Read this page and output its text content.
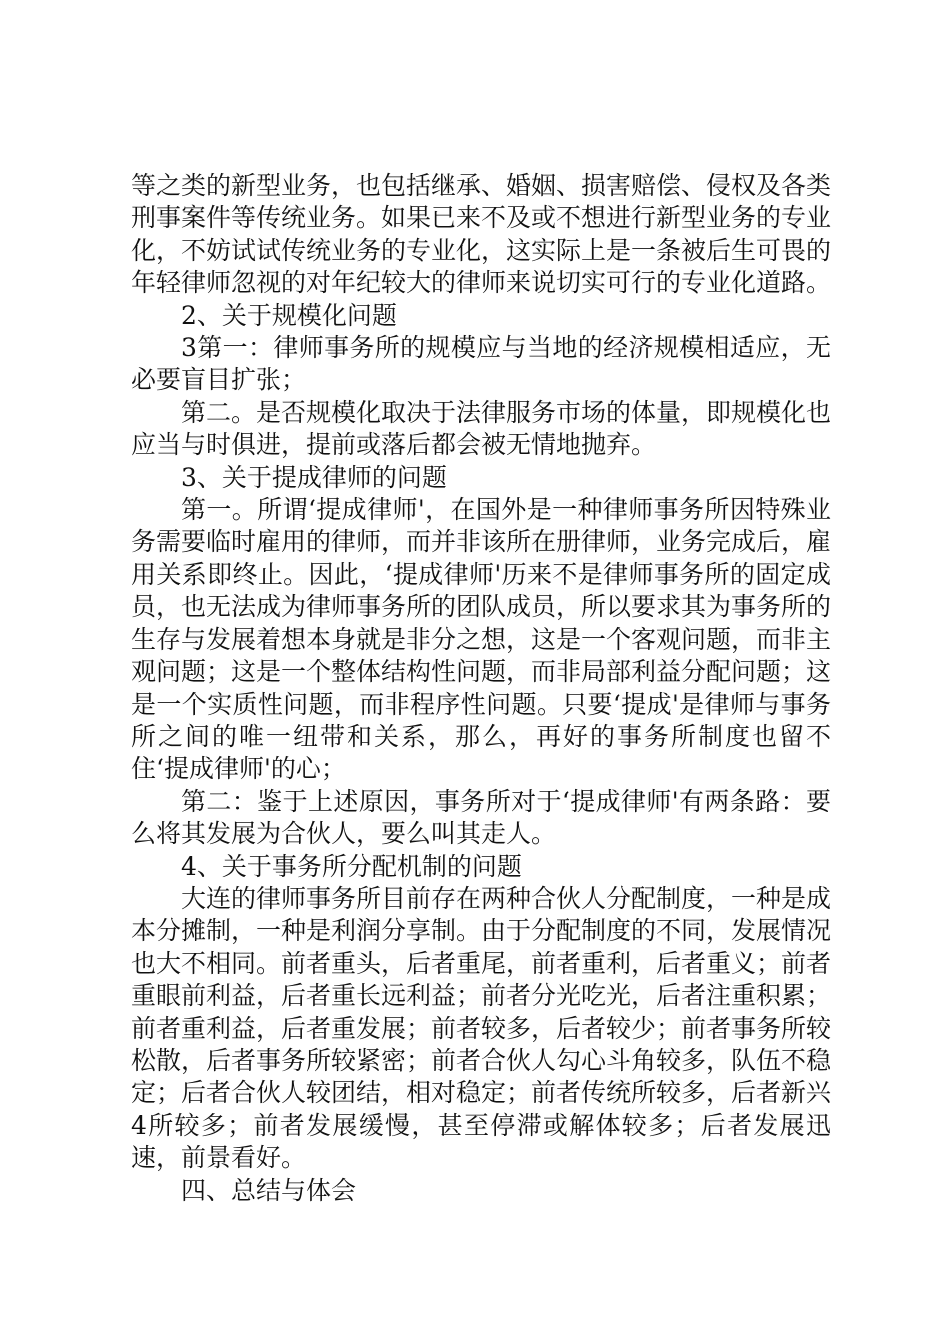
等之类的新型业务，也包括继承、婚姻、损害赔偿、侵权及各类刑事案件等传统业务。如果已来不及或不想进行新型业务的专业化，不妨试试传统业务的专业化，这实际上是一条被后生可畏的年轻律师忽视的对年纪较大的律师来说切实可行的专业化道路。

2、关于规模化问题

3第一：律师事务所的规模应与当地的经济规模相适应，无必要盲目扩张；

第二。是否规模化取决于法律服务市场的体量，即规模化也应当与时俱进，提前或落后都会被无情地抛弃。

3、关于提成律师的问题

第一。所谓‘提成律师'，在国外是一种律师事务所因特殊业务需要临时雇用的律师，而并非该所在册律师，业务完成后，雇用关系即终止。因此，‘提成律师'历来不是律师事务所的固定成员，也无法成为律师事务所的团队成员，所以要求其为事务所的生存与发展着想本身就是非分之想，这是一个客观问题，而非主观问题；这是一个整体结构性问题，而非局部利益分配问题；这是一个实质性问题，而非程序性问题。只要‘提成'是律师与事务所之间的唯一纽带和关系，那么，再好的事务所制度也留不住‘提成律师'的心；

第二：鉴于上述原因，事务所对于‘提成律师'有两条路：要么将其发展为合伙人，要么叫其走人。

4、关于事务所分配机制的问题

大连的律师事务所目前存在两种合伙人分配制度，一种是成本分摊制，一种是利润分享制。由于分配制度的不同，发展情况也大不相同。前者重头，后者重尾，前者重利，后者重义；前者重眼前利益，后者重长远利益；前者分光吃光，后者注重积累；前者重利益，后者重发展；前者较多，后者较少；前者事务所较松散，后者事务所较紧密；前者合伙人勾心斗角较多，队伍不稳定；后者合伙人较团结，相对稳定；前者传统所较多，后者新兴4所较多；前者发展缓慢，甚至停滞或解体较多；后者发展迅速，前景看好。

四、总结与体会
